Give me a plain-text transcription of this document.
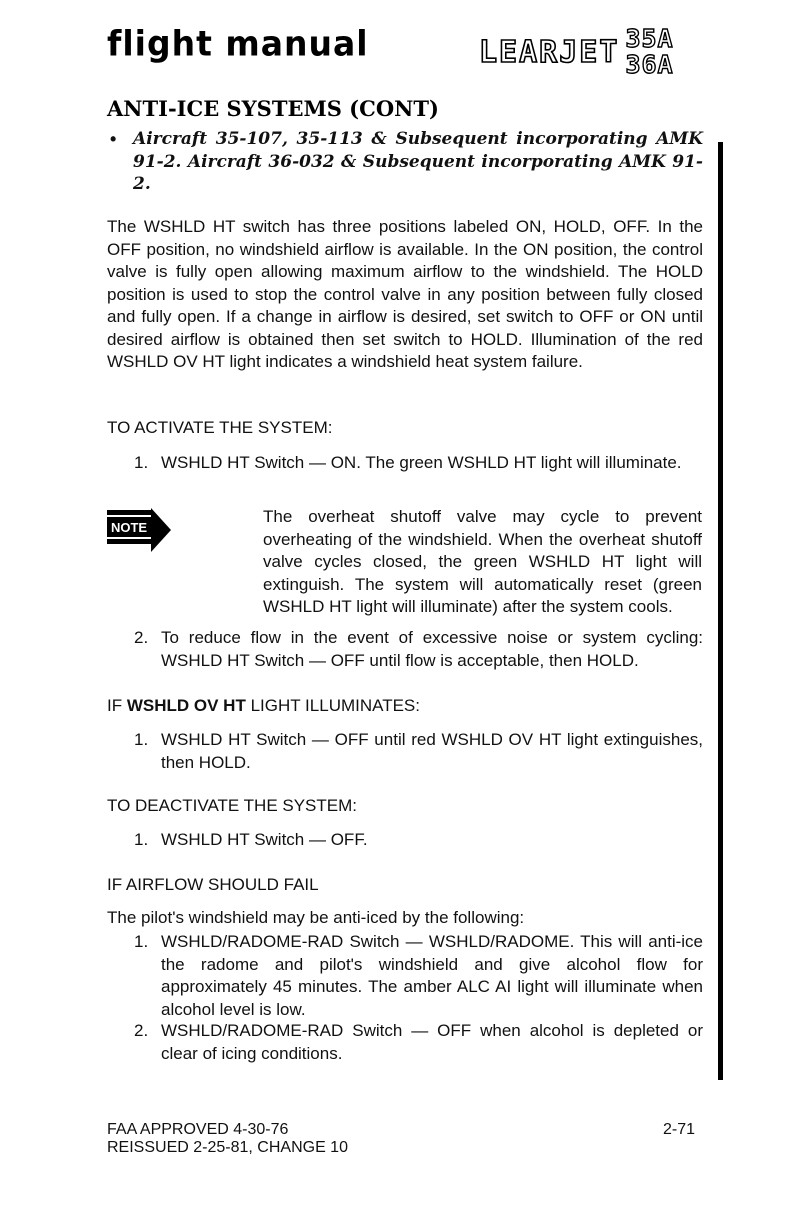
flight manual	LEARJET 35A
36A
ANTI-ICE SYSTEMS (CONT)
• Aircraft 35-107, 35-113 & Subsequent incorporating AMK 91-2. Aircraft 36-032 & Subsequent incorporating AMK 91-2.
The WSHLD HT switch has three positions labeled ON, HOLD, OFF. In the OFF position, no windshield airflow is available. In the ON position, the control valve is fully open allowing maximum airflow to the windshield. The HOLD position is used to stop the control valve in any position between fully closed and fully open. If a change in airflow is desired, set switch to OFF or ON until desired airflow is obtained then set switch to HOLD. Illumination of the red WSHLD OV HT light indicates a windshield heat system failure.
TO ACTIVATE THE SYSTEM:
1. WSHLD HT Switch — ON. The green WSHLD HT light will illuminate.
NOTE
The overheat shutoff valve may cycle to prevent overheating of the windshield. When the overheat shutoff valve cycles closed, the green WSHLD HT light will extinguish. The system will automatically reset (green WSHLD HT light will illuminate) after the system cools.
2. To reduce flow in the event of excessive noise or system cycling: WSHLD HT Switch — OFF until flow is acceptable, then HOLD.
IF WSHLD OV HT LIGHT ILLUMINATES:
1. WSHLD HT Switch — OFF until red WSHLD OV HT light extinguishes, then HOLD.
TO DEACTIVATE THE SYSTEM:
1. WSHLD HT Switch — OFF.
IF AIRFLOW SHOULD FAIL
The pilot's windshield may be anti-iced by the following:
1. WSHLD/RADOME-RAD Switch — WSHLD/RADOME. This will anti-ice the radome and pilot's windshield and give alcohol flow for approximately 45 minutes. The amber ALC AI light will illuminate when alcohol level is low.
2. WSHLD/RADOME-RAD Switch — OFF when alcohol is depleted or clear of icing conditions.
FAA APPROVED 4-30-76
REISSUED 2-25-81, CHANGE 10
2-71
